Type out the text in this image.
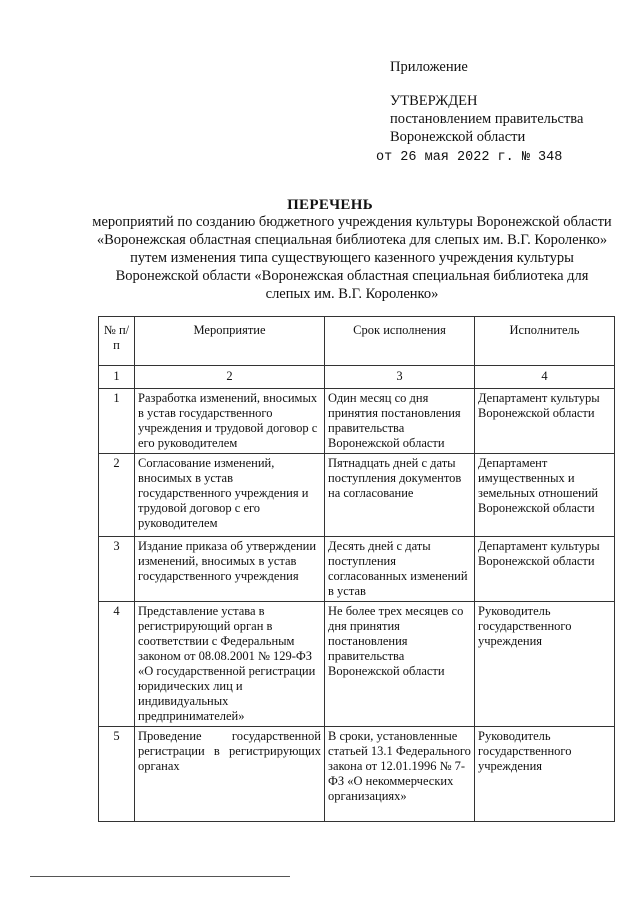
Приложение
УТВЕРЖДЕН
постановлением правительства
Воронежской области
от 26 мая 2022 г. № 348
ПЕРЕЧЕНЬ
мероприятий по созданию бюджетного учреждения культуры Воронежской области «Воронежская областная специальная библиотека для слепых им. В.Г. Короленко» путем изменения типа существующего казенного учреждения культуры Воронежской области «Воронежская областная специальная библиотека для слепых им. В.Г. Короленко»
№ п/п	Мероприятие	Срок исполнения	Исполнитель
1	2	3	4
1	Разработка изменений, вносимых в устав государственного учреждения и трудовой договор с его руководителем	Один месяц со дня принятия постановления правительства Воронежской области	Департамент культуры Воронежской области
2	Согласование изменений, вносимых в устав государственного учреждения и трудовой договор с его руководителем	Пятнадцать дней с даты поступления документов на согласование	Департамент имущественных и земельных отношений Воронежской области
3	Издание приказа об утверждении изменений, вносимых в устав государственного учреждения	Десять дней с даты поступления согласованных изменений в устав	Департамент культуры Воронежской области
4	Представление устава в регистрирующий орган в соответствии с Федеральным законом от 08.08.2001 № 129-ФЗ «О государственной регистрации юридических лиц и индивидуальных предпринимателей»	Не более трех месяцев со дня принятия постановления правительства Воронежской области	Руководитель государственного учреждения
5	Проведение государственной регистрации в регистрирующих органах	В сроки, установленные статьей 13.1 Федерального закона от 12.01.1996 № 7-ФЗ «О некоммерческих организациях»	Руководитель государственного учреждения
